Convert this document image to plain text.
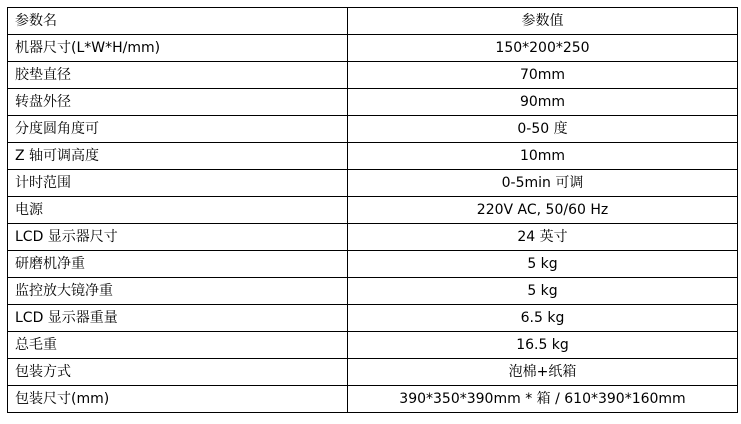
参数名	参数值
机器尺寸(L*W*H/mm)	150*200*250
胶垫直径	70mm
转盘外径	90mm
分度圆角度可	0-50 度
Z 轴可调高度	10mm
计时范围	0-5min 可调
电源	220V AC, 50/60 Hz
LCD 显示器尺寸	24 英寸
研磨机净重	5 kg
监控放大镜净重	5 kg
LCD 显示器重量	6.5 kg
总毛重	16.5 kg
包装方式	泡棉+纸箱
包装尺寸(mm)	390*350*390mm * 箱 / 610*390*160mm
